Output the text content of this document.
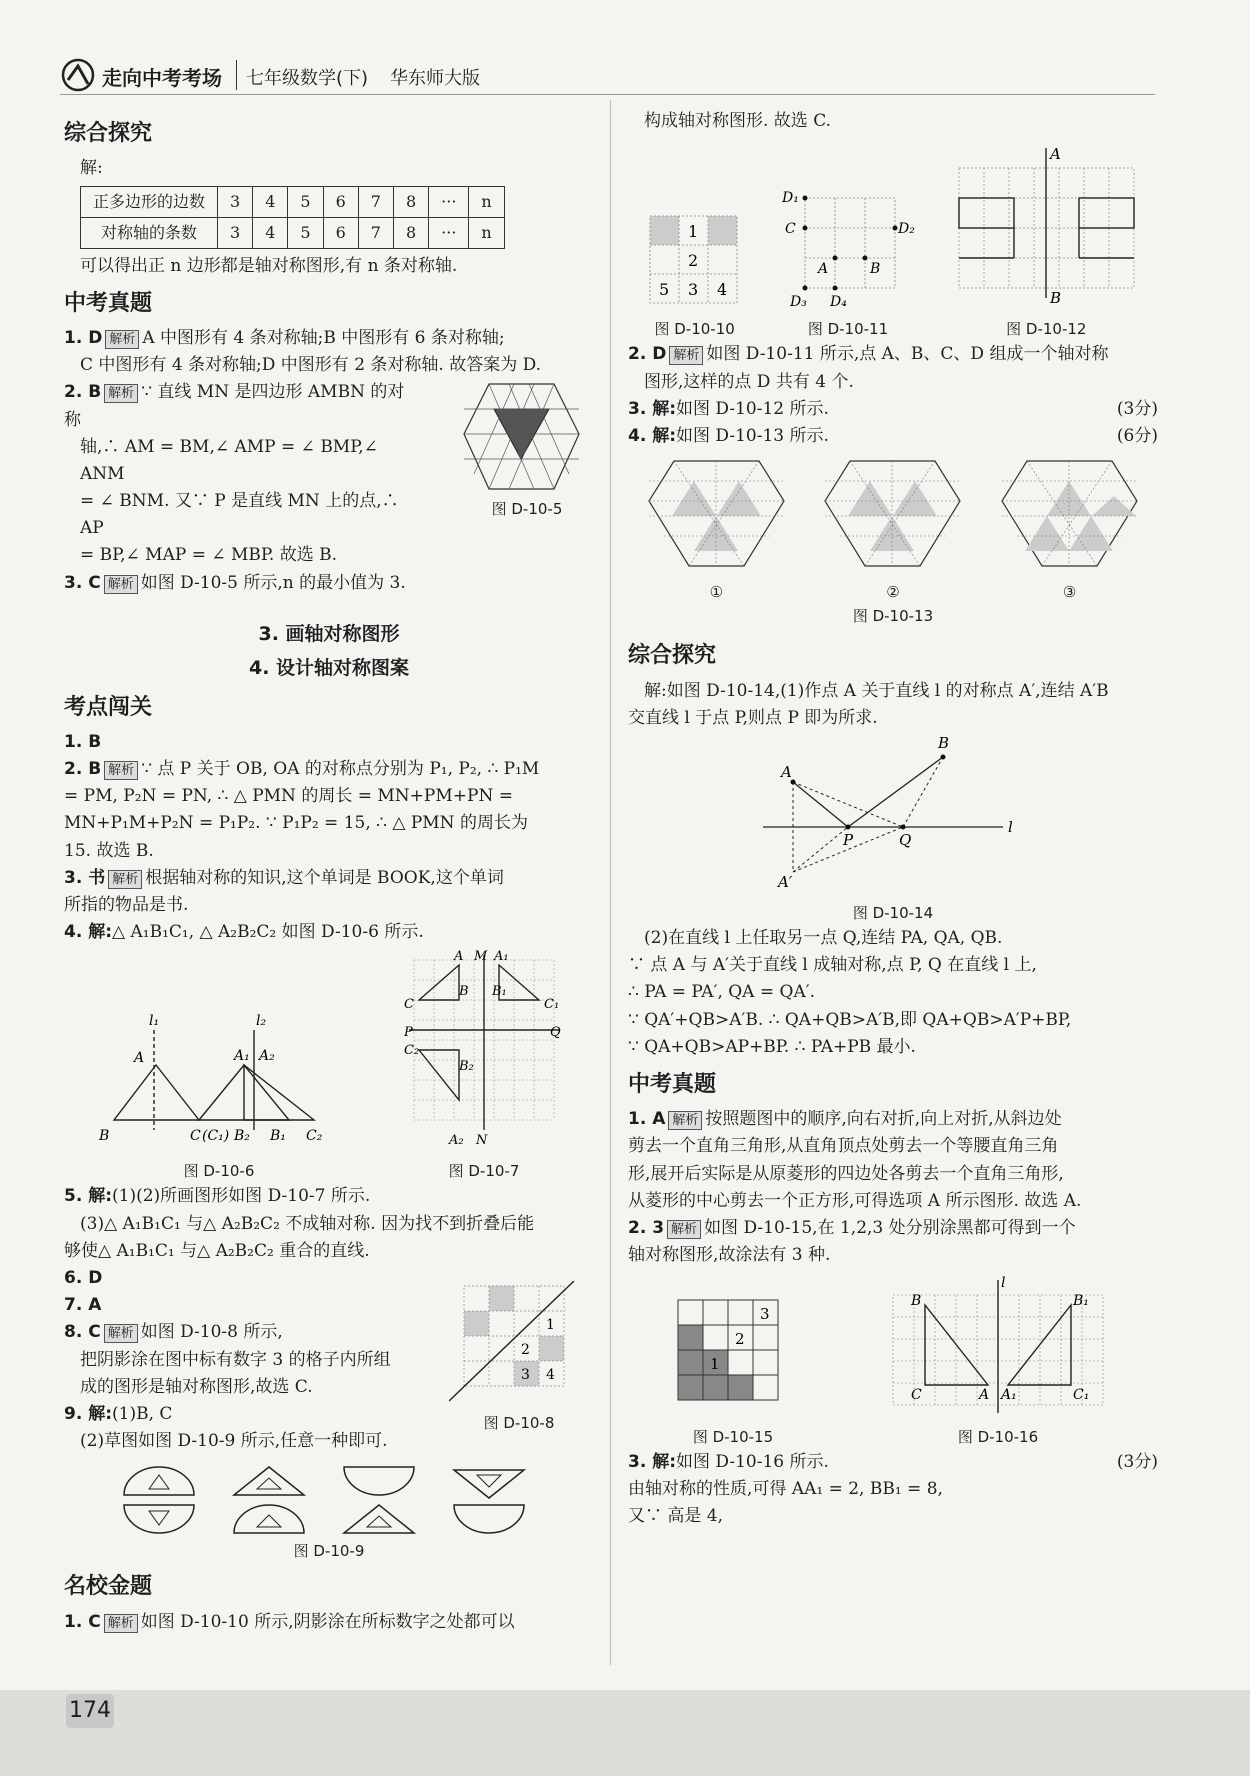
走向中考考场 七年级数学(下) 华东师大版
综合探究

解:

正多边形的边数	3	4	5	6	7	8	···	n
对称轴的条数	3	4	5	6	7	8	···	n

可以得出正 n 边形都是轴对称图形,有 n 条对称轴.

中考真题

1. D 解析 A 中图形有 4 条对称轴;B 中图形有 6 条对称轴;

C 中图形有 4 条对称轴;D 中图形有 2 条对称轴. 故答案为 D.

2. B 解析 ∵ 直线 MN 是四边形 AMBN 的对称

轴,∴ AM = BM,∠ AMP = ∠ BMP,∠ ANM

= ∠ BNM. 又∵ P 是直线 MN 上的点,∴ AP

= BP,∠ MAP = ∠ MBP. 故选 B.

3. C 解析 如图 D-10-5 所示,n 的最小值为 3.

图 D-10-5
3. 画轴对称图形
4. 设计轴对称图案
考点闯关

1. B

2. B 解析 ∵ 点 P 关于 OB, OA 的对称点分别为 P₁, P₂, ∴ P₁M

= PM, P₂N = PN, ∴ △ PMN 的周长 = MN+PM+PN =

MN+P₁M+P₂N = P₁P₂. ∵ P₁P₂ = 15, ∴ △ PMN 的周长为

15. 故选 B.

3. 书 解析 根据轴对称的知识,这个单词是 BOOK,这个单词

所指的物品是书.

4. 解:△ A₁B₁C₁, △ A₂B₂C₂ 如图 D-10-6 所示.

B
A
C (C₁) B₂ B₁ C₂
A₁ A₂
l₁	l₂
图 D-10-6
A M A₁
B B₁
C	C₁
P	Q
C₂
B₂
A₂ N
图 D-10-7

5. 解:(1)(2)所画图形如图 D-10-7 所示.

(3)△ A₁B₁C₁ 与△ A₂B₂C₂ 不成轴对称. 因为找不到折叠后能

够使△ A₁B₁C₁ 与△ A₂B₂C₂ 重合的直线.

6. D

7. A

8. C 解析 如图 D-10-8 所示,

把阴影涂在图中标有数字 3 的格子内所组

成的图形是轴对称图形,故选 C.

9. 解:(1)B, C

(2)草图如图 D-10-9 所示,任意一种即可.

1
2
3 4
图 D-10-8
图 D-10-9
名校金题

1. C 解析 如图 D-10-10 所示,阴影涂在所标数字之处都可以

构成轴对称图形. 故选 C.

1
2
5 3 4
图 D-10-10
D₁
C	D₂
A	B
D₃ D₄
图 D-10-11
A
B
图 D-10-12

2. D 解析 如图 D-10-11 所示,点 A、B、C、D 组成一个轴对称

图形,这样的点 D 共有 4 个.

3. 解:如图 D-10-12 所示.	(3分)

4. 解:如图 D-10-13 所示.	(6分)

①	②	③
图 D-10-13
综合探究

解:如图 D-10-14,(1)作点 A 关于直线 l 的对称点 A′,连结 A′B

交直线 l 于点 P,则点 P 即为所求.

A
B
P	Q
l
A′
图 D-10-14

(2)在直线 l 上任取另一点 Q,连结 PA, QA, QB.

∵ 点 A 与 A′关于直线 l 成轴对称,点 P, Q 在直线 l 上,

∴ PA = PA′, QA = QA′.

∵ QA′+QB>A′B. ∴ QA+QB>A′B,即 QA+QB>A′P+BP,

∵ QA+QB>AP+BP. ∴ PA+PB 最小.

中考真题

1. A 解析 按照题图中的顺序,向右对折,向上对折,从斜边处

剪去一个直角三角形,从直角顶点处剪去一个等腰直角三角

形,展开后实际是从原菱形的四边处各剪去一个直角三角形,

从菱形的中心剪去一个正方形,可得选项 A 所示图形. 故选 A.

2. 3 解析 如图 D-10-15,在 1,2,3 处分别涂黑都可得到一个

轴对称图形,故涂法有 3 种.

3
2
1
图 D-10-15
l
B	B₁
C	A A₁	C₁
图 D-10-16

3. 解:如图 D-10-16 所示.	(3分)

由轴对称的性质,可得 AA₁ = 2, BB₁ = 8,

又∵ 高是 4,

174
